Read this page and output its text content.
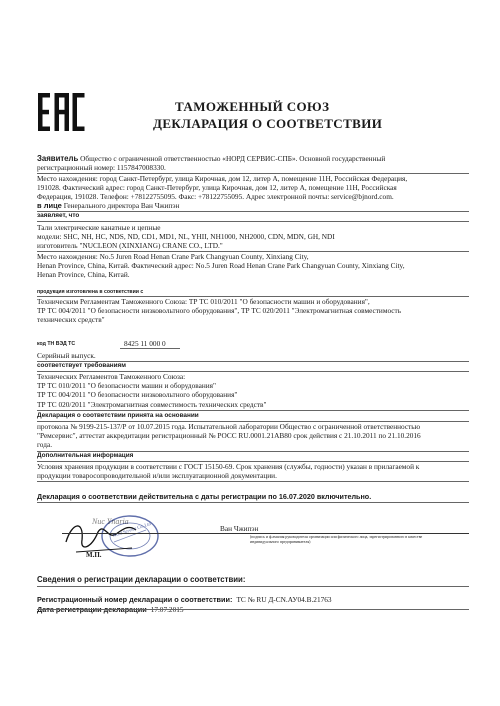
ТАМОЖЕННЫЙ СОЮЗ
ДЕКЛАРАЦИЯ О СООТВЕТСТВИИ
Заявитель Общество с ограниченной ответственностью «НОРД СЕРВИС-СПБ». Основной государственный
регистрационный номер: 1157847008330.
Место нахождения: город Санкт-Петербург, улица Кирочная, дом 12, литер А, помещение 11Н, Российская Федерация,
191028. Фактический адрес: город Санкт-Петербург, улица Кирочная, дом 12, литер А, помещение 11Н, Российская
Федерация, 191028. Телефон: +78122755095. Факс: +78122755095. Адрес электронной почты: service@bjnord.com.
в лице Генерального директора Ван Чжипэн
заявляет, что
Тали электрические канатные и цепные
модели: SHC, NH, HC, NDS, ND, CD1, MD1, NL, YHII, NH1000, NH2000, CDN, MDN, GH, NDI
изготовитель "NUCLEON (XINXIANG) CRANE CO., LTD."
Место нахождения: No.5 Juren Road Henan Crane Park Changyuan County, Xinxiang City,
Henan Province, China, Китай. Фактический адрес: No.5 Juren Road Henan Crane Park Changyuan County, Xinxiang City,
Henan Province, China, Китай.
продукция изготовлена в соответствии с
Техническим Регламентам Таможенного Союза: ТР ТС 010/2011 "О безопасности машин и оборудования",
ТР ТС 004/2011 "О безопасности низковольтного оборудования", ТР ТС 020/2011 "Электромагнитная совместимость
технических средств"
код ТН ВЭД ТС	8425 11 000 0
Серийный выпуск.
соответствует требованиям
Технических Регламентов Таможенного Союза:
ТР ТС 010/2011 "О безопасности машин и оборудования"
ТР ТС 004/2011 "О безопасности низковольтного оборудования"
ТР ТС 020/2011 "Электромагнитная совместимость технических средств"
Декларация о соответствии принята на основании
протокола № 9199-215-137/Р от 10.07.2015 года. Испытательной лаборатории Общество с ограниченной ответственностью
"Ремсервис", аттестат аккредитации регистрационный № РОСС RU.0001.21АВ80 срок действия с 21.10.2011 по 21.10.2016
года.
Дополнительная информация
Условия хранения продукции в соответствии с ГОСТ 15150-69. Срок хранения (службы, годности) указан в прилагаемой к
продукции товаросопроводительной и/или эксплуатационной документации.
Декларация о соответствии действительна с даты регистрации по 16.07.2020 включительно.
Nord Service Co.,Ltd
Nuc Ynaria
М.П.
Ван Чжипэн
(подпись и ф.амилия руководителя организации или физического лица, зарегистрированного в качестве
индивидуального предпринимателя)
Сведения о регистрации декларации о соответствии:
Регистрационный номер декларации о соответствии: ТС № RU Д-CN.АУ04.В.21763
Дата регистрации декларации 17.07.2015
